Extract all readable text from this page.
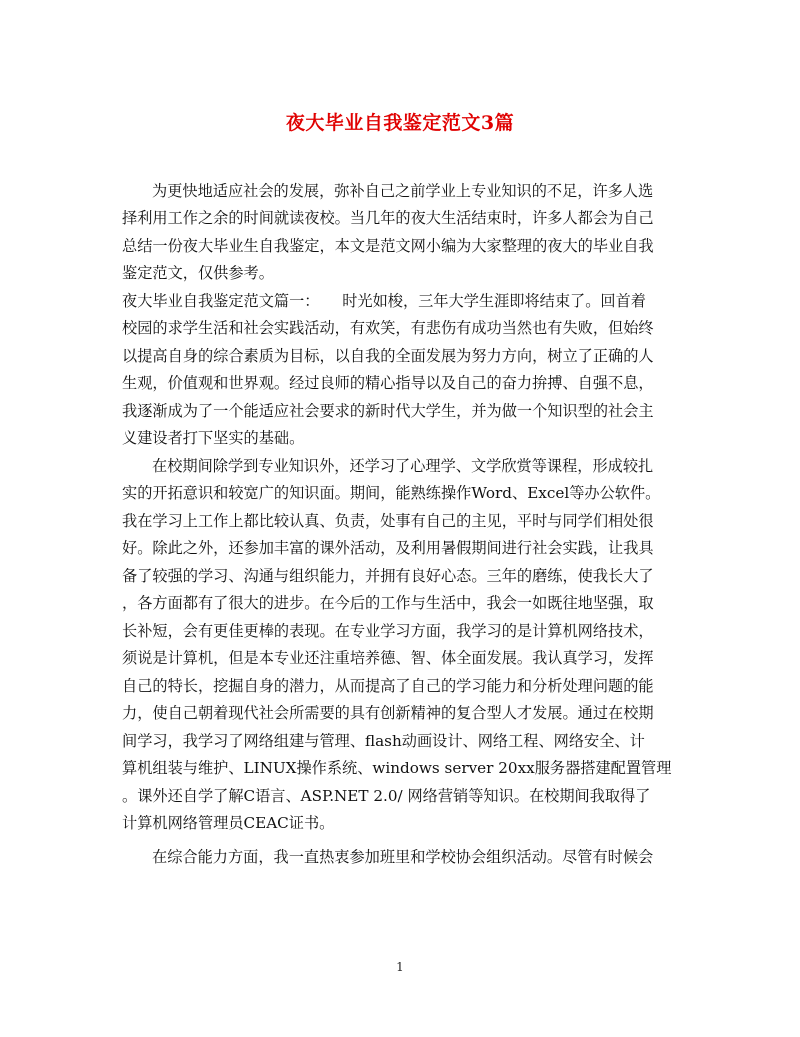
夜大毕业自我鉴定范文3篇
为更快地适应社会的发展，弥补自己之前学业上专业知识的不足，许多人选
择利用工作之余的时间就读夜校。当几年的夜大生活结束时，许多人都会为自己
总结一份夜大毕业生自我鉴定，本文是范文网小编为大家整理的夜大的毕业自我
鉴定范文，仅供参考。
夜大毕业自我鉴定范文篇一：　　时光如梭，三年大学生涯即将结束了。回首着
校园的求学生活和社会实践活动，有欢笑，有悲伤有成功当然也有失败，但始终
以提高自身的综合素质为目标，以自我的全面发展为努力方向，树立了正确的人
生观，价值观和世界观。经过良师的精心指导以及自己的奋力拚搏、自强不息，
我逐渐成为了一个能适应社会要求的新时代大学生，并为做一个知识型的社会主
义建设者打下坚实的基础。
在校期间除学到专业知识外，还学习了心理学、文学欣赏等课程，形成较扎
实的开拓意识和较宽广的知识面。期间，能熟练操作Word、Excel等办公软件。
我在学习上工作上都比较认真、负责，处事有自己的主见，平时与同学们相处很
好。除此之外，还参加丰富的课外活动，及利用暑假期间进行社会实践，让我具
备了较强的学习、沟通与组织能力，并拥有良好心态。三年的磨练，使我长大了
，各方面都有了很大的进步。在今后的工作与生活中，我会一如既往地坚强，取
长补短，会有更佳更棒的表现。在专业学习方面，我学习的是计算机网络技术，
须说是计算机，但是本专业还注重培养德、智、体全面发展。我认真学习，发挥
自己的特长，挖掘自身的潜力，从而提高了自己的学习能力和分析处理问题的能
力，使自己朝着现代社会所需要的具有创新精神的复合型人才发展。通过在校期
间学习，我学习了网络组建与管理、flash动画设计、网络工程、网络安全、计
算机组装与维护、LINUX操作系统、windows server 20xx服务器搭建配置管理
。课外还自学了解C语言、ASP.NET 2.0/ 网络营销等知识。在校期间我取得了
计算机网络管理员CEAC证书。
在综合能力方面，我一直热衷参加班里和学校协会组织活动。尽管有时候会
1
